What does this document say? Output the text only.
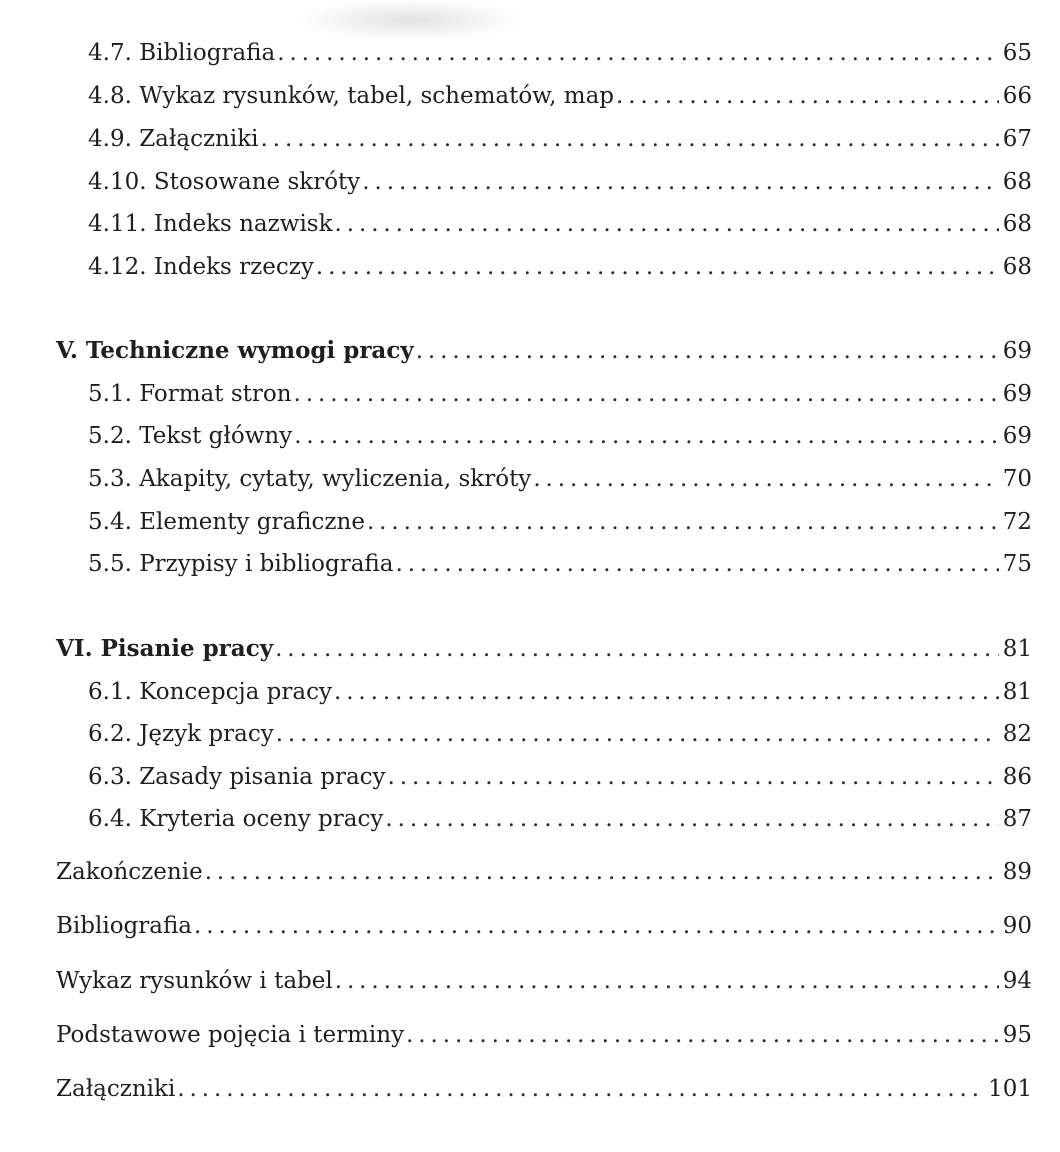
4.7. Bibliografia . . .	65
4.8. Wykaz rysunków, tabel, schematów, map . . .	66
4.9. Załączniki . . .	67
4.10. Stosowane skróty . . .	68
4.11. Indeks nazwisk . . .	68
4.12. Indeks rzeczy . . .	68
V. Techniczne wymogi pracy . . .	69
5.1. Format stron . . .	69
5.2. Tekst główny . . .	69
5.3. Akapity, cytaty, wyliczenia, skróty . . .	70
5.4. Elementy graficzne . . .	72
5.5. Przypisy i bibliografia . . .	75
VI. Pisanie pracy . . .	81
6.1. Koncepcja pracy . . .	81
6.2. Język pracy . . .	82
6.3. Zasady pisania pracy . . .	86
6.4. Kryteria oceny pracy . . .	87
Zakończenie . . .	89
Bibliografia . . .	90
Wykaz rysunków i tabel . . .	94
Podstawowe pojęcia i terminy . . .	95
Załączniki . . .	101
